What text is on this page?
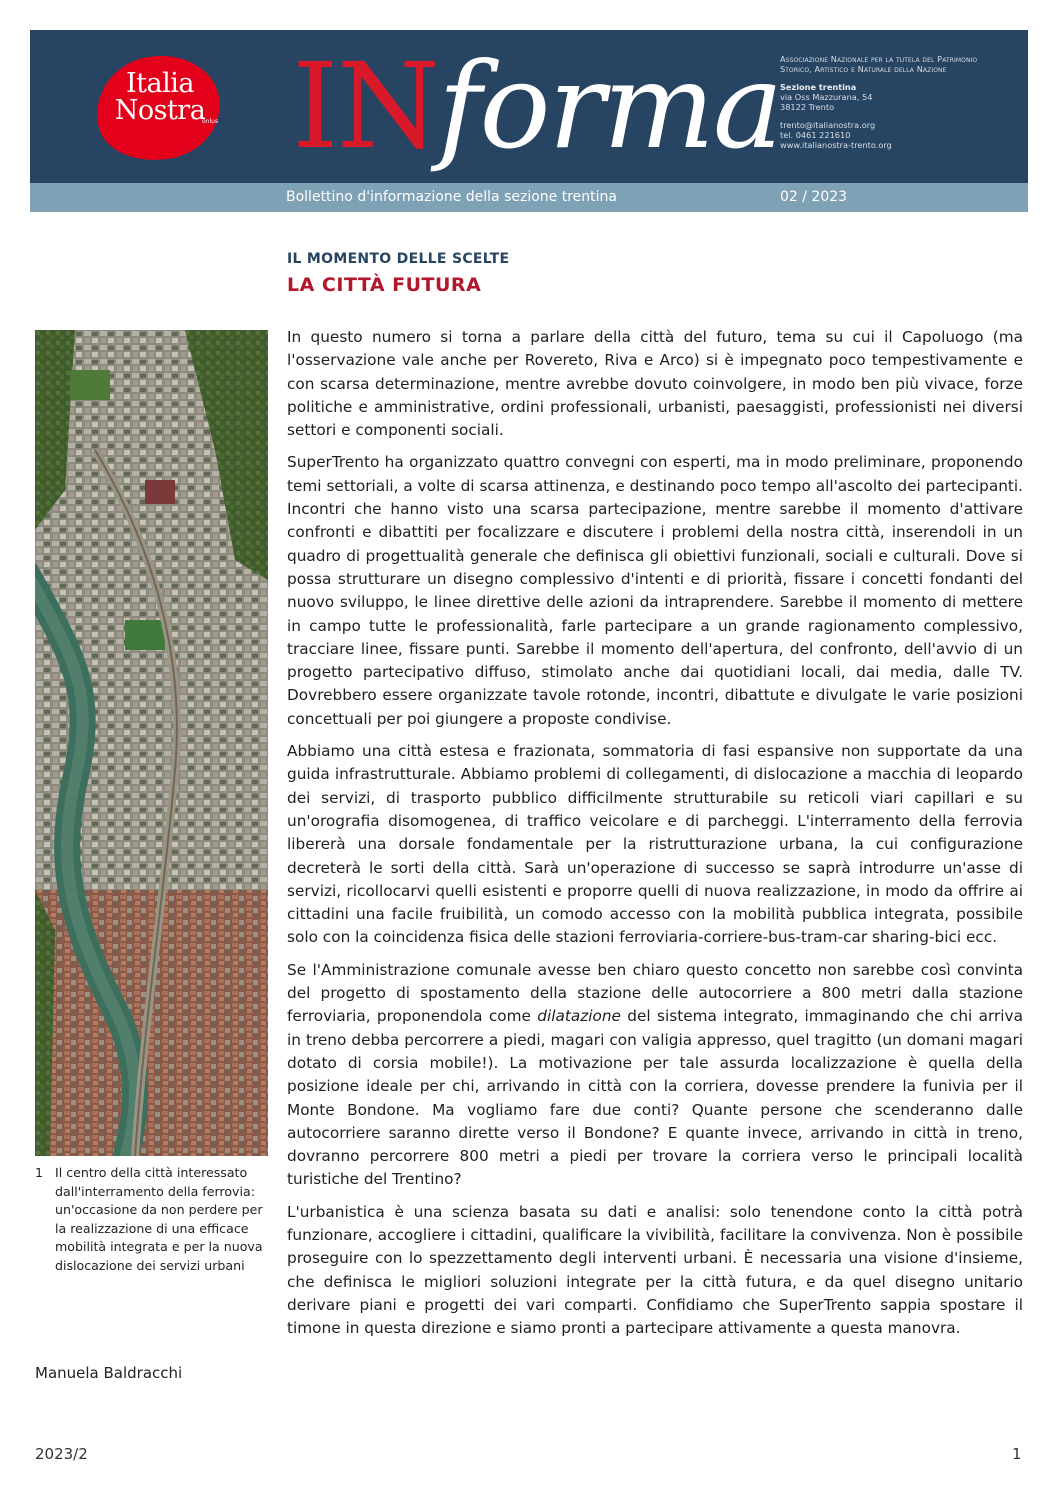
Italia
Nostra
onlus INforma
Associazione Nazionale per la tutela del Patrimonio
Storico, Artistico e Naturale della Nazione
Sezione trentina
via Oss Mazzurana, 54
38122 Trento
trento@italianostra.org
tel. 0461 221610
www.italianostra-trento.org
Bollettino d'informazione della sezione trentina	02 / 2023
IL MOMENTO DELLE SCELTE
LA CITTÀ FUTURA
1 Il centro della città interessato dall'interramento della ferrovia: un'occasione da non perdere per la realizzazione di una efficace mobilità integrata e per la nuova dislocazione dei servizi urbani
Manuela Baldracchi

In questo numero si torna a parlare della città del futuro, tema su cui il Capoluogo (ma l'osservazione vale anche per Rovereto, Riva e Arco) si è impegnato poco tempestivamente e con scarsa determinazione, mentre avrebbe dovuto coinvolgere, in modo ben più vivace, forze politiche e amministrative, ordini professionali, urbanisti, paesaggisti, professionisti nei diversi settori e componenti sociali.

SuperTrento ha organizzato quattro convegni con esperti, ma in modo preliminare, proponendo temi settoriali, a volte di scarsa attinenza, e destinando poco tempo all'ascolto dei partecipanti. Incontri che hanno visto una scarsa partecipazione, mentre sarebbe il momento d'attivare confronti e dibattiti per focalizzare e discutere i problemi della nostra città, inserendoli in un quadro di progettualità generale che definisca gli obiettivi funzionali, sociali e culturali. Dove si possa strutturare un disegno complessivo d'intenti e di priorità, fissare i concetti fondanti del nuovo sviluppo, le linee direttive delle azioni da intraprendere. Sarebbe il momento di mettere in campo tutte le professionalità, farle partecipare a un grande ragionamento complessivo, tracciare linee, fissare punti. Sarebbe il momento dell'apertura, del confronto, dell'avvio di un progetto partecipativo diffuso, stimolato anche dai quotidiani locali, dai media, dalle TV. Dovrebbero essere organizzate tavole rotonde, incontri, dibattute e divulgate le varie posizioni concettuali per poi giungere a proposte condivise.

Abbiamo una città estesa e frazionata, sommatoria di fasi espansive non supportate da una guida infrastrutturale. Abbiamo problemi di collegamenti, di dislocazione a macchia di leopardo dei servizi, di trasporto pubblico difficilmente strutturabile su reticoli viari capillari e su un'orografia disomogenea, di traffico veicolare e di parcheggi. L'interramento della ferrovia libererà una dorsale fondamentale per la ristrutturazione urbana, la cui configurazione decreterà le sorti della città. Sarà un'operazione di successo se saprà introdurre un'asse di servizi, ricollocarvi quelli esistenti e proporre quelli di nuova realizzazione, in modo da offrire ai cittadini una facile fruibilità, un comodo accesso con la mobilità pubblica integrata, possibile solo con la coincidenza fisica delle stazioni ferroviaria-corriere-bus-tram-car sharing-bici ecc.

Se l'Amministrazione comunale avesse ben chiaro questo concetto non sarebbe così convinta del progetto di spostamento della stazione delle autocorriere a 800 metri dalla stazione ferroviaria, proponendola come dilatazione del sistema integrato, immaginando che chi arriva in treno debba percorrere a piedi, magari con valigia appresso, quel tragitto (un domani magari dotato di corsia mobile!). La motivazione per tale assurda localizzazione è quella della posizione ideale per chi, arrivando in città con la corriera, dovesse prendere la funivia per il Monte Bondone. Ma vogliamo fare due conti? Quante persone che scenderanno dalle autocorriere saranno dirette verso il Bondone? E quante invece, arrivando in città in treno, dovranno percorrere 800 metri a piedi per trovare la corriera verso le principali località turistiche del Trentino?

L'urbanistica è una scienza basata su dati e analisi: solo tenendone conto la città potrà funzionare, accogliere i cittadini, qualificare la vivibilità, facilitare la convivenza. Non è possibile proseguire con lo spezzettamento degli interventi urbani. È necessaria una visione d'insieme, che definisca le migliori soluzioni integrate per la città futura, e da quel disegno unitario derivare piani e progetti dei vari comparti. Confidiamo che SuperTrento sappia spostare il timone in questa direzione e siamo pronti a partecipare attivamente a questa manovra.

2023/2	1
